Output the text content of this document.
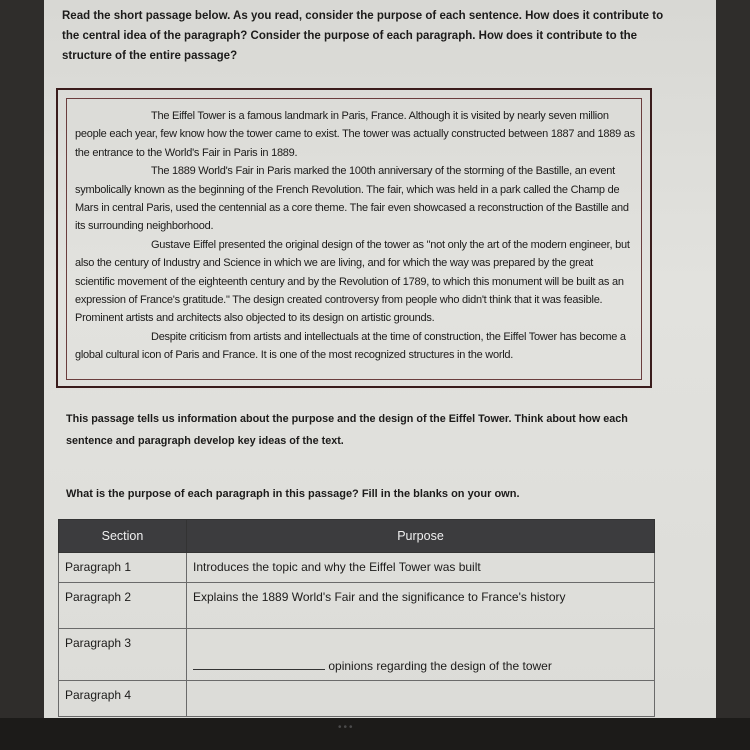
Read the short passage below. As you read, consider the purpose of each sentence. How does it contribute to the central idea of the paragraph? Consider the purpose of each paragraph. How does it contribute to the structure of the entire passage?

The Eiffel Tower is a famous landmark in Paris, France. Although it is visited by nearly seven million people each year, few know how the tower came to exist. The tower was actually constructed between 1887 and 1889 as the entrance to the World's Fair in Paris in 1889.

The 1889 World's Fair in Paris marked the 100th anniversary of the storming of the Bastille, an event symbolically known as the beginning of the French Revolution. The fair, which was held in a park called the Champ de Mars in central Paris, used the centennial as a core theme. The fair even showcased a reconstruction of the Bastille and its surrounding neighborhood.

Gustave Eiffel presented the original design of the tower as "not only the art of the modern engineer, but also the century of Industry and Science in which we are living, and for which the way was prepared by the great scientific movement of the eighteenth century and by the Revolution of 1789, to which this monument will be built as an expression of France's gratitude." The design created controversy from people who didn't think that it was feasible. Prominent artists and architects also objected to its design on artistic grounds.

Despite criticism from artists and intellectuals at the time of construction, the Eiffel Tower has become a global cultural icon of Paris and France. It is one of the most recognized structures in the world.

This passage tells us information about the purpose and the design of the Eiffel Tower. Think about how each sentence and paragraph develop key ideas of the text.
What is the purpose of each paragraph in this passage? Fill in the blanks on your own.
Section	Purpose
Paragraph 1	Introduces the topic and why the Eiffel Tower was built
Paragraph 2	Explains the 1889 World's Fair and the significance to France's history
Paragraph 3	opinions regarding the design of the tower
Paragraph 4	
•••
